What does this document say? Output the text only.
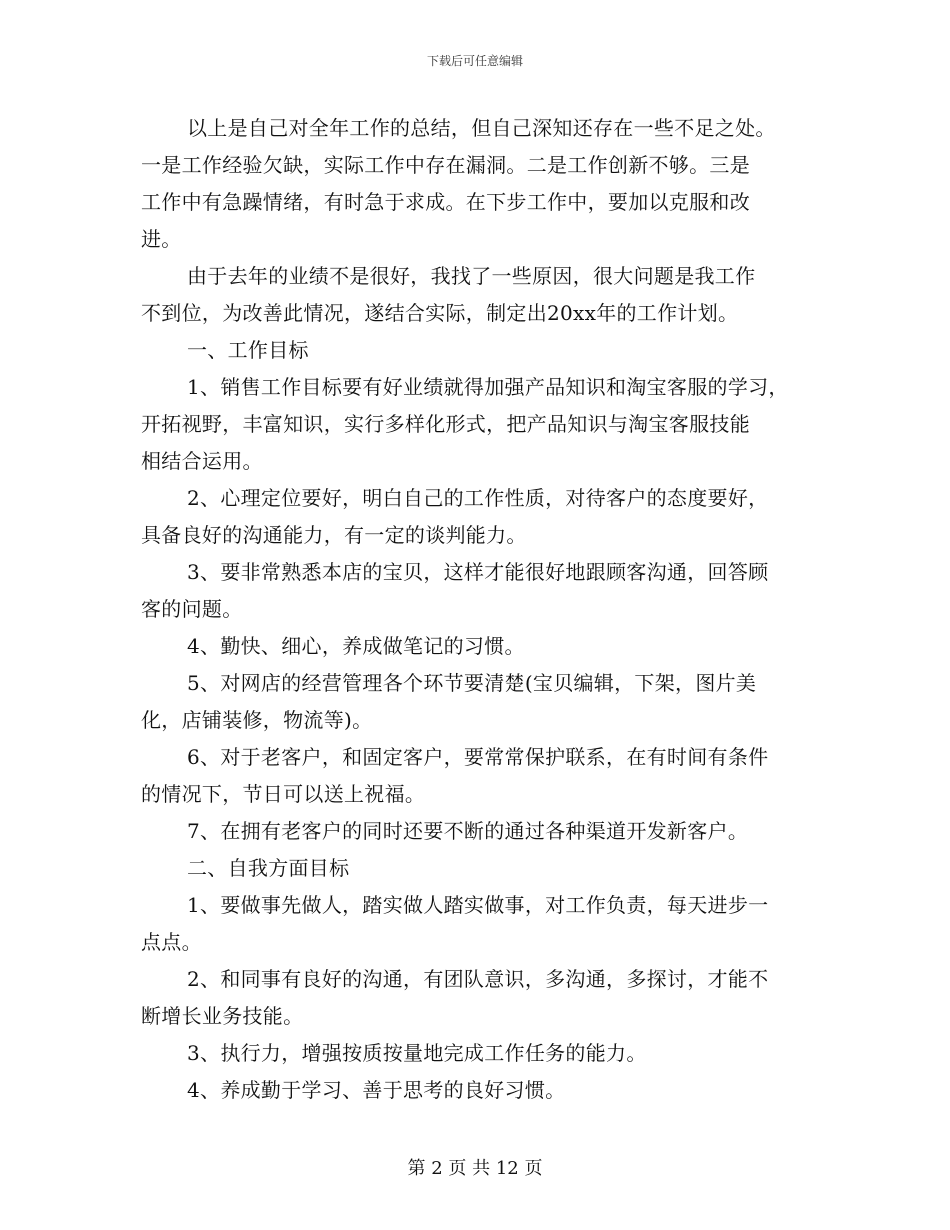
下载后可任意编辑
以上是自己对全年工作的总结，但自己深知还存在一些不足之处。
一是工作经验欠缺，实际工作中存在漏洞。二是工作创新不够。三是
工作中有急躁情绪，有时急于求成。在下步工作中，要加以克服和改
进。
由于去年的业绩不是很好，我找了一些原因，很大问题是我工作
不到位，为改善此情况，遂结合实际，制定出20xx年的工作计划。
一、工作目标
1、销售工作目标要有好业绩就得加强产品知识和淘宝客服的学习，
开拓视野，丰富知识，实行多样化形式，把产品知识与淘宝客服技能
相结合运用。
2、心理定位要好，明白自己的工作性质，对待客户的态度要好，
具备良好的沟通能力，有一定的谈判能力。
3、要非常熟悉本店的宝贝，这样才能很好地跟顾客沟通，回答顾
客的问题。
4、勤快、细心，养成做笔记的习惯。
5、对网店的经营管理各个环节要清楚(宝贝编辑，下架，图片美
化，店铺装修，物流等)。
6、对于老客户，和固定客户，要常常保护联系，在有时间有条件
的情况下，节日可以送上祝福。
7、在拥有老客户的同时还要不断的通过各种渠道开发新客户。
二、自我方面目标
1、要做事先做人，踏实做人踏实做事，对工作负责，每天进步一
点点。
2、和同事有良好的沟通，有团队意识，多沟通，多探讨，才能不
断增长业务技能。
3、执行力，增强按质按量地完成工作任务的能力。
4、养成勤于学习、善于思考的良好习惯。
第 2 页 共 12 页
